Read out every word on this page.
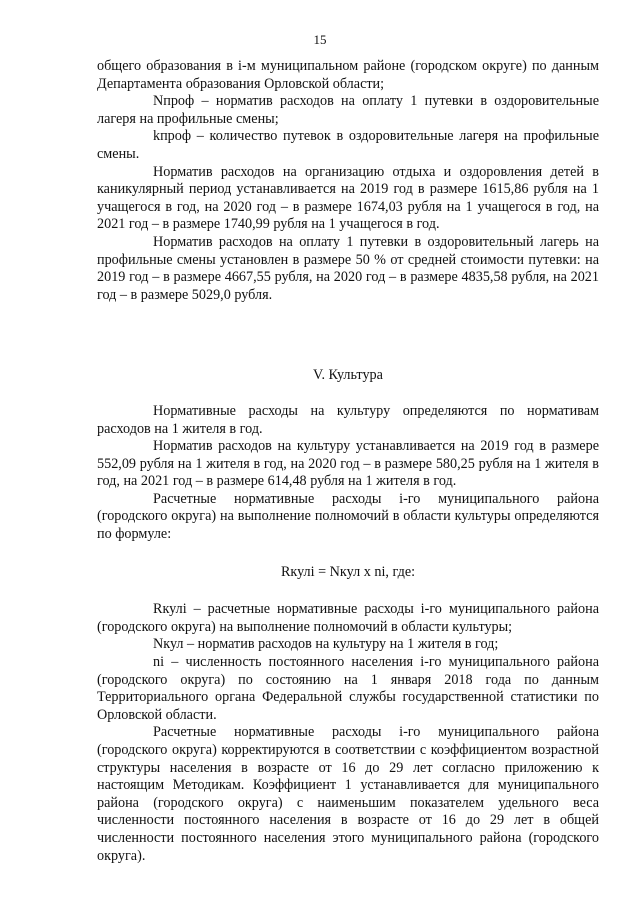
15

общего образования в i-м муниципальном районе (городском округе) по данным Департамента образования Орловской области;

Nпроф – норматив расходов на оплату 1 путевки в оздоровительные лагеря на профильные смены;

kпроф – количество путевок в оздоровительные лагеря на профильные смены.

Норматив расходов на организацию отдыха и оздоровления детей в каникулярный период устанавливается на 2019 год в размере 1615,86 рубля на 1 учащегося в год, на 2020 год – в размере 1674,03 рубля на 1 учащегося в год, на 2021 год – в размере 1740,99 рубля на 1 учащегося в год.

Норматив расходов на оплату 1 путевки в оздоровительный лагерь на профильные смены установлен в размере 50 % от средней стоимости путевки: на 2019 год – в размере 4667,55 рубля, на 2020 год – в размере 4835,58 рубля, на 2021 год – в размере 5029,0 рубля.

V. Культура

Нормативные расходы на культуру определяются по нормативам расходов на 1 жителя в год.

Норматив расходов на культуру устанавливается на 2019 год в размере 552,09 рубля на 1 жителя в год, на 2020 год – в размере 580,25 рубля на 1 жителя в год, на 2021 год – в размере 614,48 рубля на 1 жителя в год.

Расчетные нормативные расходы i-го муниципального района (городского округа) на выполнение полномочий в области культуры определяются по формуле:

Rкулi = Nкул x ni, где:

Rкулi – расчетные нормативные расходы i-го муниципального района (городского округа) на выполнение полномочий в области культуры;

Nкул – норматив расходов на культуру на 1 жителя в год;

ni – численность постоянного населения i-го муниципального района (городского округа) по состоянию на 1 января 2018 года по данным Территориального органа Федеральной службы государственной статистики по Орловской области.

Расчетные нормативные расходы i-го муниципального района (городского округа) корректируются в соответствии с коэффициентом возрастной структуры населения в возрасте от 16 до 29 лет согласно приложению к настоящим Методикам. Коэффициент 1 устанавливается для муниципального района (городского округа) с наименьшим показателем удельного веса численности постоянного населения в возрасте от 16 до 29 лет в общей численности постоянного населения этого муниципального района (городского округа).
